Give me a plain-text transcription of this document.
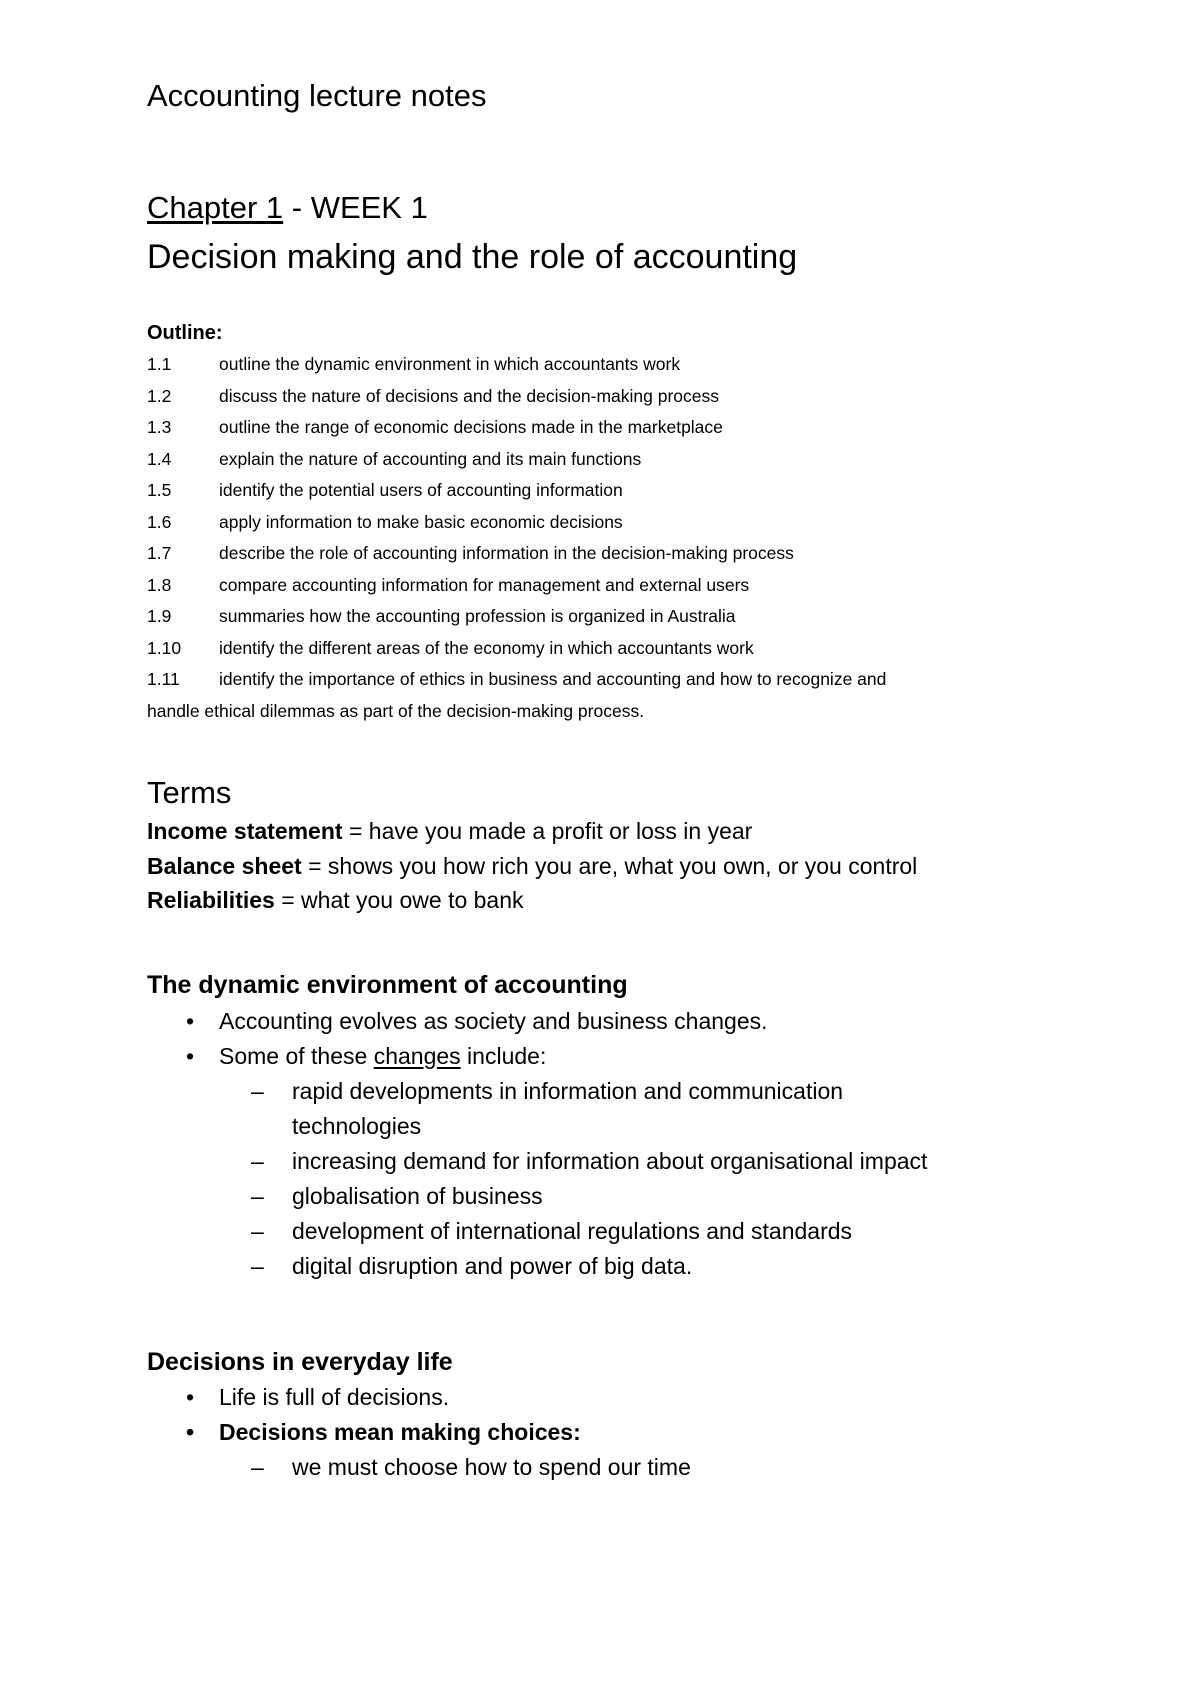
Accounting lecture notes
Chapter 1 - WEEK 1
Decision making and the role of accounting
Outline:
1.1	outline the dynamic environment in which accountants work
1.2	discuss the nature of decisions and the decision-making process
1.3	outline the range of economic decisions made in the marketplace
1.4	explain the nature of accounting and its main functions
1.5	identify the potential users of accounting information
1.6	apply information to make basic economic decisions
1.7	describe the role of accounting information in the decision-making process
1.8	compare accounting information for management and external users
1.9	summaries how the accounting profession is organized in Australia
1.10 identify the different areas of the economy in which accountants work
1.11 identify the importance of ethics in business and accounting and how to recognize and
handle ethical dilemmas as part of the decision-making process.
Terms
Income statement = have you made a profit or loss in year
Balance sheet = shows you how rich you are, what you own, or you control
Reliabilities = what you owe to bank
The dynamic environment of accounting
• Accounting evolves as society and business changes.
• Some of these changes include:
– rapid developments in information and communication
technologies
– increasing demand for information about organisational impact
– globalisation of business
– development of international regulations and standards
– digital disruption and power of big data.
Decisions in everyday life
• Life is full of decisions.
• Decisions mean making choices:
– we must choose how to spend our time
